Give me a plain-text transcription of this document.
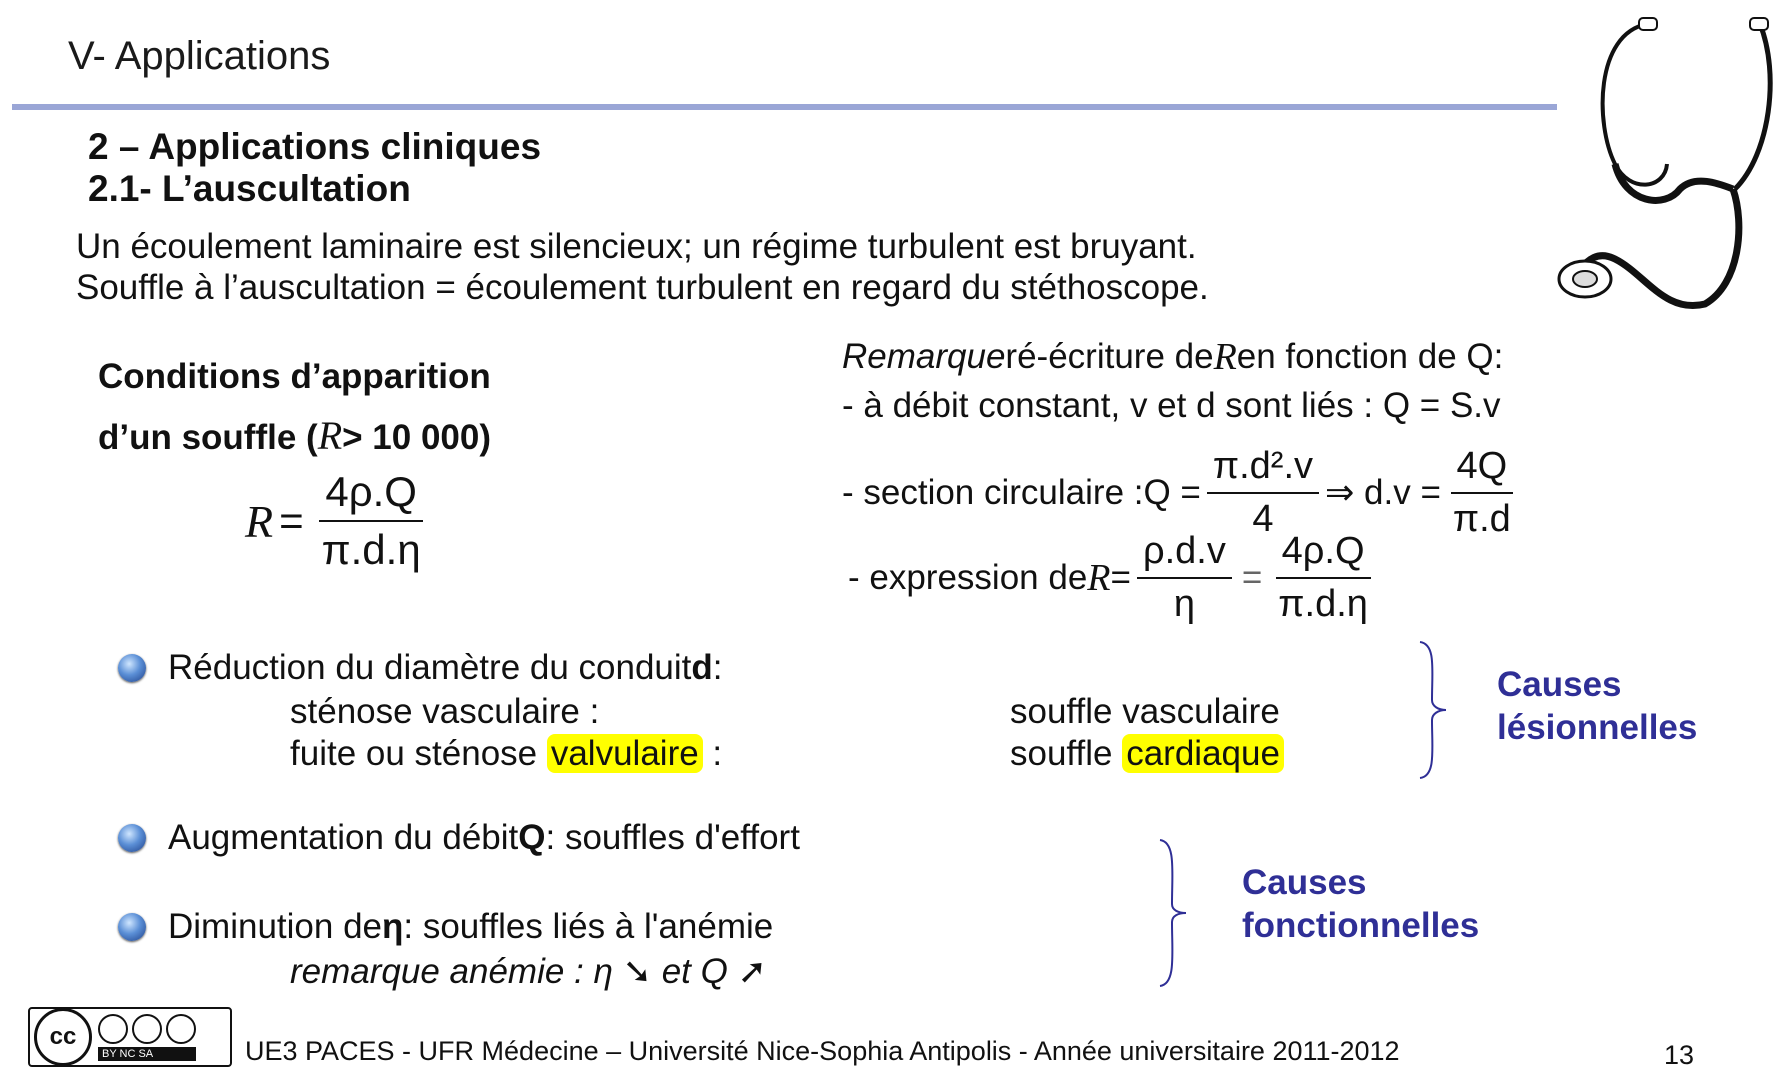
V- Applications
2 – Applications cliniques
2.1- L’auscultation
Un écoulement laminaire est silencieux; un régime turbulent est bruyant.
Souffle à l’auscultation = écoulement turbulent en regard du stéthoscope.
Conditions d’apparition
d’un souffle (R> 10 000)
$R = \frac{4\rho.Q}{\pi.d.\eta}$
Remarque ré-écriture de R en fonction de Q:
- à débit constant, v et d sont liés : Q = S.v
- section circulaire :Q = $\frac{\text{π.d².v}}{4}$ ⇒ $d.v = \frac{4Q}{\pi.d}$
- expression de $R = \frac{\rho.d.v}{\eta} = \frac{4\rho.Q}{\pi.d.\eta}$
Réduction du diamètre du conduit d :
sténose vasculaire :	souffle vasculaire
fuite ou sténose valvulaire :	souffle cardiaque
Causes
lésionnelles
Augmentation du débit Q : souffles d'effort
Diminution de η : souffles liés à l'anémie
remarque anémie : η ➘ et Q ➚
Causes
fonctionnelles
cc
BY NC SA	UE3 PACES - UFR Médecine – Université Nice-Sophia Antipolis - Année universitaire 2011-2012	13
